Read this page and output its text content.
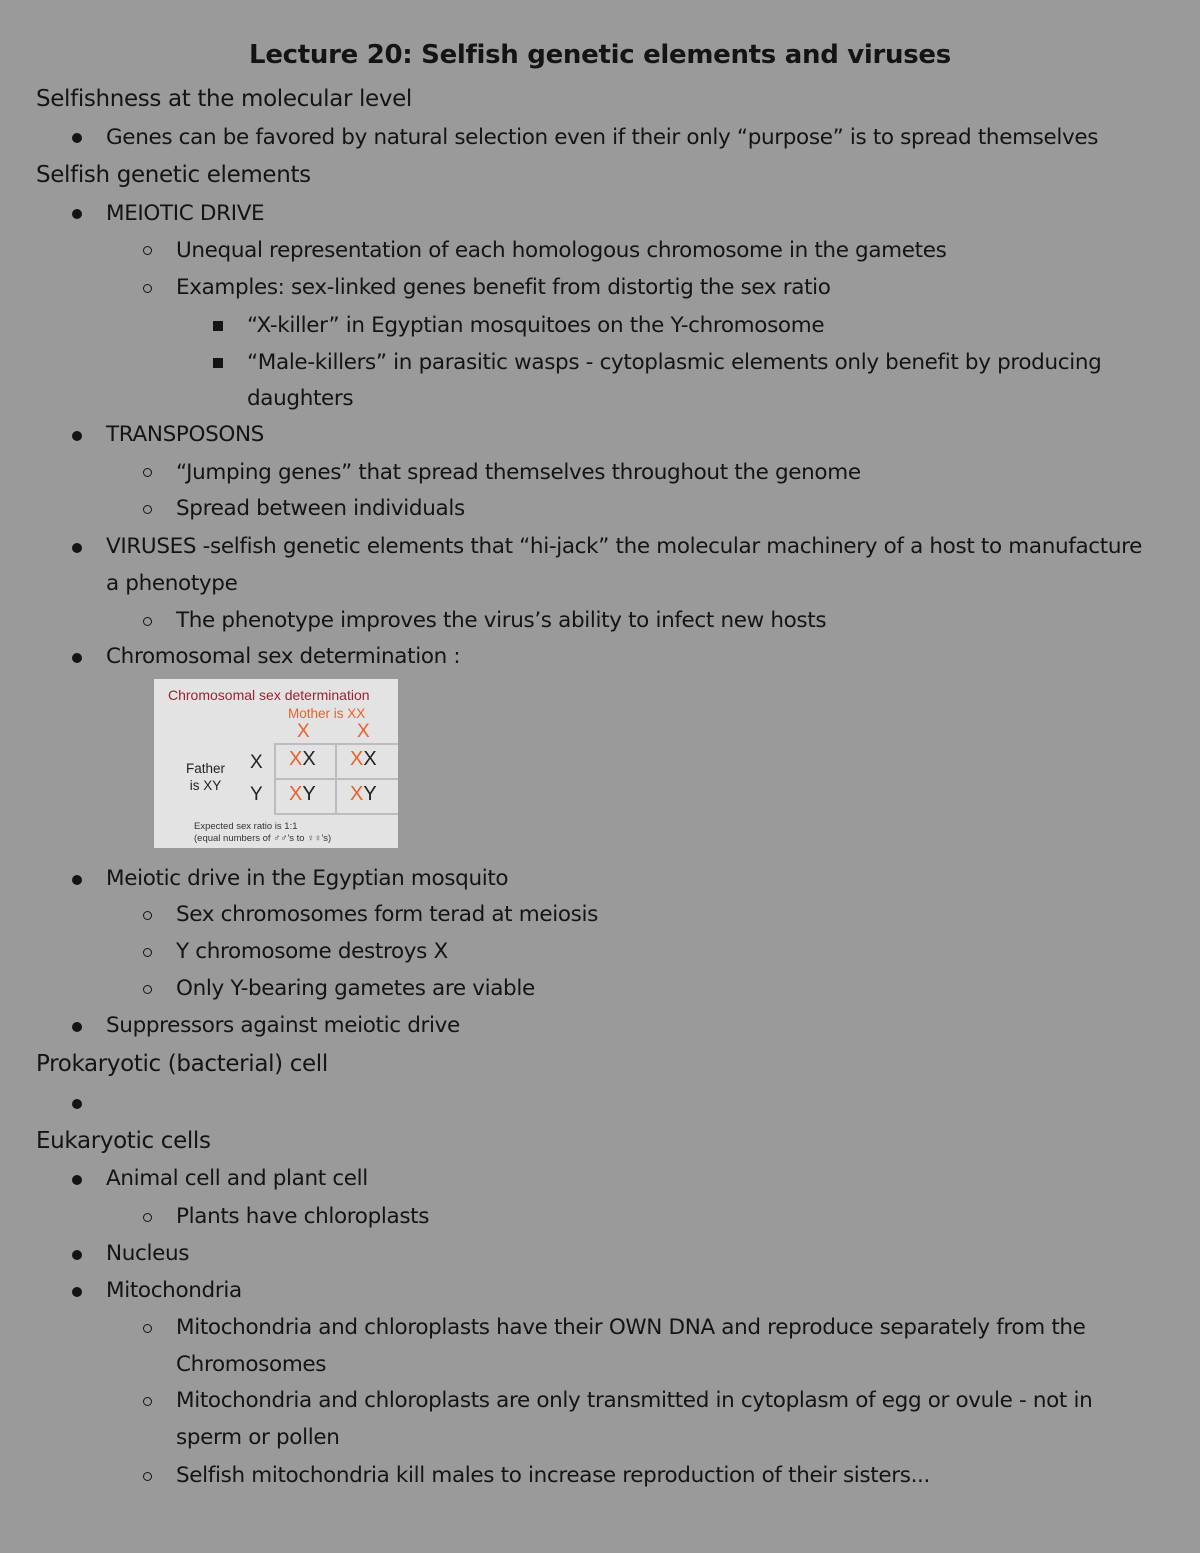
Lecture 20: Selfish genetic elements and viruses
Selfishness at the molecular level
Genes can be favored by natural selection even if their only “purpose” is to spread themselves
Selfish genetic elements
MEIOTIC DRIVE
Unequal representation of each homologous chromosome in the gametes
Examples: sex-linked genes benefit from distortig the sex ratio
“X-killer” in Egyptian mosquitoes on the Y-chromosome
“Male-killers” in parasitic wasps - cytoplasmic elements only benefit by producing
daughters
TRANSPOSONS
“Jumping genes” that spread themselves throughout the genome
Spread between individuals
VIRUSES -selfish genetic elements that “hi-jack” the molecular machinery of a host to manufacture
a phenotype
The phenotype improves the virus’s ability to infect new hosts
Chromosomal sex determination :
Chromosomal sex determination
Mother is XX
X X
Father
is XY
X
Y
XX XX
XY XY
Expected sex ratio is 1:1
(equal numbers of ♂♂'s to ♀♀'s)
Meiotic drive in the Egyptian mosquito
Sex chromosomes form terad at meiosis
Y chromosome destroys X
Only Y-bearing gametes are viable
Suppressors against meiotic drive
Prokaryotic (bacterial) cell
Eukaryotic cells
Animal cell and plant cell
Plants have chloroplasts
Nucleus
Mitochondria
Mitochondria and chloroplasts have their OWN DNA and reproduce separately from the
Chromosomes
Mitochondria and chloroplasts are only transmitted in cytoplasm of egg or ovule - not in
sperm or pollen
Selfish mitochondria kill males to increase reproduction of their sisters...
